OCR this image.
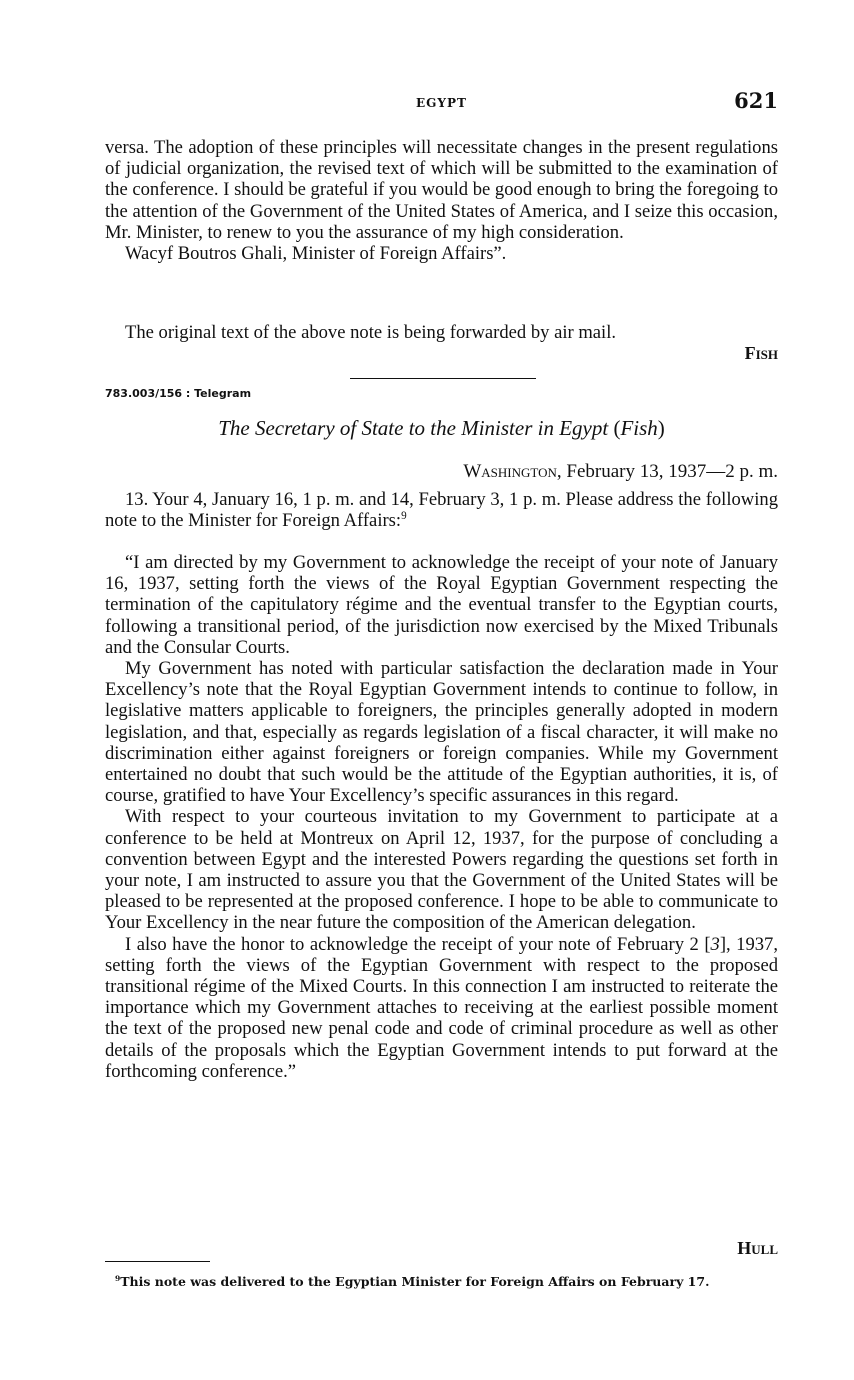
EGYPT	621

versa. The adoption of these principles will necessitate changes in the present regulations of judicial organization, the revised text of which will be submitted to the examination of the conference. I should be grateful if you would be good enough to bring the foregoing to the attention of the Government of the United States of America, and I seize this occasion, Mr. Minister, to renew to you the assurance of my high consideration.

Wacyf Boutros Ghali, Minister of Foreign Affairs”.

The original text of the above note is being forwarded by air mail.

Fish
783.003/156 : Telegram
The Secretary of State to the Minister in Egypt (Fish)
Washington, February 13, 1937—2 p. m.

13. Your 4, January 16, 1 p. m. and 14, February 3, 1 p. m. Please address the following note to the Minister for Foreign Affairs:$^9$

“I am directed by my Government to acknowledge the receipt of your note of January 16, 1937, setting forth the views of the Royal Egyptian Government respecting the termination of the capitulatory régime and the eventual transfer to the Egyptian courts, following a transitional period, of the jurisdiction now exercised by the Mixed Tribunals and the Consular Courts.

My Government has noted with particular satisfaction the declaration made in Your Excellency’s note that the Royal Egyptian Government intends to continue to follow, in legislative matters applicable to foreigners, the principles generally adopted in modern legislation, and that, especially as regards legislation of a fiscal character, it will make no discrimination either against foreigners or foreign companies. While my Government entertained no doubt that such would be the attitude of the Egyptian authorities, it is, of course, gratified to have Your Excellency’s specific assurances in this regard.

With respect to your courteous invitation to my Government to participate at a conference to be held at Montreux on April 12, 1937, for the purpose of concluding a convention between Egypt and the interested Powers regarding the questions set forth in your note, I am instructed to assure you that the Government of the United States will be pleased to be represented at the proposed conference. I hope to be able to communicate to Your Excellency in the near future the composition of the American delegation.

I also have the honor to acknowledge the receipt of your note of February 2 [3], 1937, setting forth the views of the Egyptian Government with respect to the proposed transitional régime of the Mixed Courts. In this connection I am instructed to reiterate the importance which my Government attaches to receiving at the earliest possible moment the text of the proposed new penal code and code of criminal procedure as well as other details of the proposals which the Egyptian Government intends to put forward at the forthcoming conference.”

Hull
$^9$This note was delivered to the Egyptian Minister for Foreign Affairs on February 17.
